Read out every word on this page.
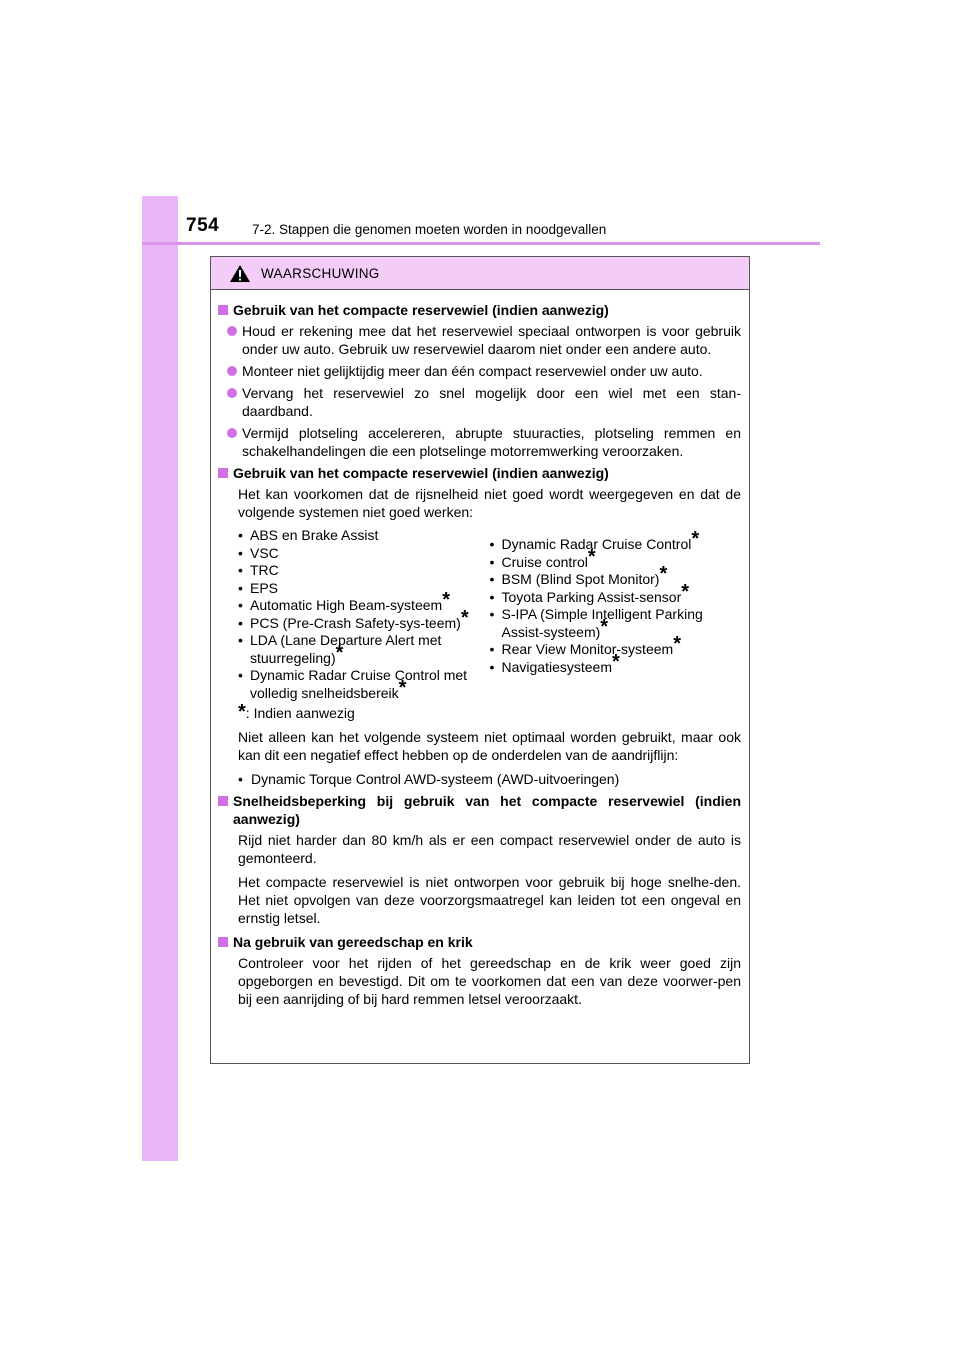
754 7-2. Stappen die genomen moeten worden in noodgevallen
WAARSCHUWING
Gebruik van het compacte reservewiel (indien aanwezig)
Houd er rekening mee dat het reservewiel speciaal ontworpen is voor gebruik onder uw auto. Gebruik uw reservewiel daarom niet onder een andere auto.
Monteer niet gelijktijdig meer dan één compact reservewiel onder uw auto.
Vervang het reservewiel zo snel mogelijk door een wiel met een stan-daardband.
Vermijd plotseling accelereren, abrupte stuuracties, plotseling remmen en schakelhandelingen die een plotselinge motorremwerking veroorzaken.
Gebruik van het compacte reservewiel (indien aanwezig)
Het kan voorkomen dat de rijsnelheid niet goed wordt weergegeven en dat de volgende systemen niet goed werken:
• ABS en Brake Assist
• VSC
• TRC
• EPS
• Automatic High Beam-systeem*
• PCS (Pre-Crash Safety-sys-teem)*
• LDA (Lane Departure Alert met stuurregeling)*
• Dynamic Radar Cruise Control met volledig snelheidsbereik*
• Dynamic Radar Cruise Control*
• Cruise control*
• BSM (Blind Spot Monitor)*
• Toyota Parking Assist-sensor*
• S-IPA (Simple Intelligent Parking Assist-systeem)*
• Rear View Monitor-systeem*
• Navigatiesysteem*
*: Indien aanwezig
Niet alleen kan het volgende systeem niet optimaal worden gebruikt, maar ook kan dit een negatief effect hebben op de onderdelen van de aandrijflijn:
• Dynamic Torque Control AWD-systeem (AWD-uitvoeringen)
Snelheidsbeperking bij gebruik van het compacte reservewiel (indien aanwezig)
Rijd niet harder dan 80 km/h als er een compact reservewiel onder de auto is gemonteerd.
Het compacte reservewiel is niet ontworpen voor gebruik bij hoge snelhe-den. Het niet opvolgen van deze voorzorgsmaatregel kan leiden tot een ongeval en ernstig letsel.
Na gebruik van gereedschap en krik
Controleer voor het rijden of het gereedschap en de krik weer goed zijn opgeborgen en bevestigd. Dit om te voorkomen dat een van deze voorwer-pen bij een aanrijding of bij hard remmen letsel veroorzaakt.
